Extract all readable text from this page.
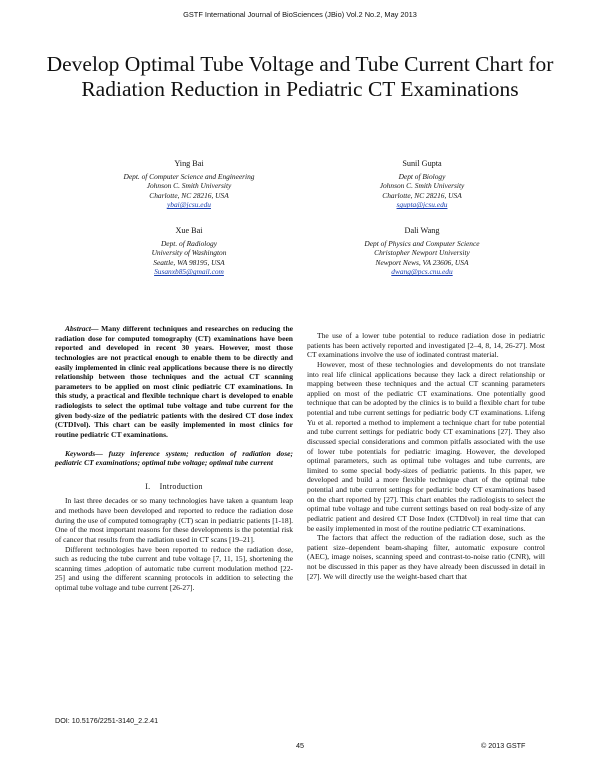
GSTF International Journal of BioSciences (JBio) Vol.2 No.2, May 2013
Develop Optimal Tube Voltage and Tube Current Chart for Radiation Reduction in Pediatric CT Examinations
Ying Bai
Dept. of Computer Science and Engineering
Johnson C. Smith University
Charlotte, NC 28216, USA
ybai@jcsu.edu
Sunil Gupta
Dept of Biology
Johnson C. Smith University
Charlotte, NC 28216, USA
sgupta@jcsu.edu
Xue Bai
Dept. of Radiology
University of Washington
Seattle, WA 98195, USA
Susanxb85@gmail.com
Dali Wang
Dept of Physics and Computer Science
Christopher Newport University
Newport News, VA 23606, USA
dwang@pcs.cnu.edu

Abstract— Many different techniques and researches on reducing the radiation dose for computed tomography (CT) examinations have been reported and developed in recent 30 years. However, most those technologies are not practical enough to enable them to be directly and easily implemented in clinic real applications because there is no directly relationship between those techniques and the actual CT scanning parameters to be applied on most clinic pediatric CT examinations. In this study, a practical and flexible technique chart is developed to enable radiologists to select the optimal tube voltage and tube current for the given body-size of the pediatric patients with the desired CT dose index (CTDIvol). This chart can be easily implemented in most clinics for routine pediatric CT examinations.

Keywords— fuzzy inference system; reduction of radiation dose; pediatric CT examinations; optimal tube voltage; optimal tube current

I. Introduction

In last three decades or so many technologies have taken a quantum leap and methods have been developed and reported to reduce the radiation dose during the use of computed tomography (CT) scan in pediatric patients [1-18]. One of the most important reasons for these developments is the potential risk of cancer that results from the radiation used in CT scans [19–21].

Different technologies have been reported to reduce the radiation dose, such as reducing the tube current and tube voltage [7, 11, 15], shortening the scanning times ,adoption of automatic tube current modulation method [22-25] and using the different scanning protocols in addition to selecting the optimal tube voltage and tube current [26-27].

The use of a lower tube potential to reduce radiation dose in pediatric patients has been actively reported and investigated [2–4, 8, 14, 26-27]. Most CT examinations involve the use of iodinated contrast material.

However, most of these technologies and developments do not translate into real life clinical applications because they lack a direct relationship or mapping between these techniques and the actual CT scanning parameters applied on most of the pediatric CT examinations. One potentially good technique that can be adopted by the clinics is to build a flexible chart for tube potential and tube current settings for pediatric body CT examinations. Lifeng Yu et al. reported a method to implement a technique chart for tube potential and tube current settings for pediatric body CT examinations [27]. They also discussed special considerations and common pitfalls associated with the use of lower tube potentials for pediatric imaging. However, the developed optimal parameters, such as optimal tube voltages and tube currents, are limited to some special body-sizes of pediatric patients. In this paper, we developed and build a more flexible technique chart of the optimal tube potential and tube current settings for pediatric body CT examinations based on the chart reported by [27]. This chart enables the radiologists to select the optimal tube voltage and tube current settings based on real body-size of any pediatric patient and desired CT Dose Index (CTDIvol) in real time that can be easily implemented in most of the routine pediatric CT examinations.

The factors that affect the reduction of the radiation dose, such as the patient size–dependent beam-shaping filter, automatic exposure control (AEC), image noises, scanning speed and contrast-to-noise ratio (CNR), will not be discussed in this paper as they have already been discussed in detail in [27]. We will directly use the weight-based chart that

DOI: 10.5176/2251-3140_2.2.41
45	© 2013 GSTF
